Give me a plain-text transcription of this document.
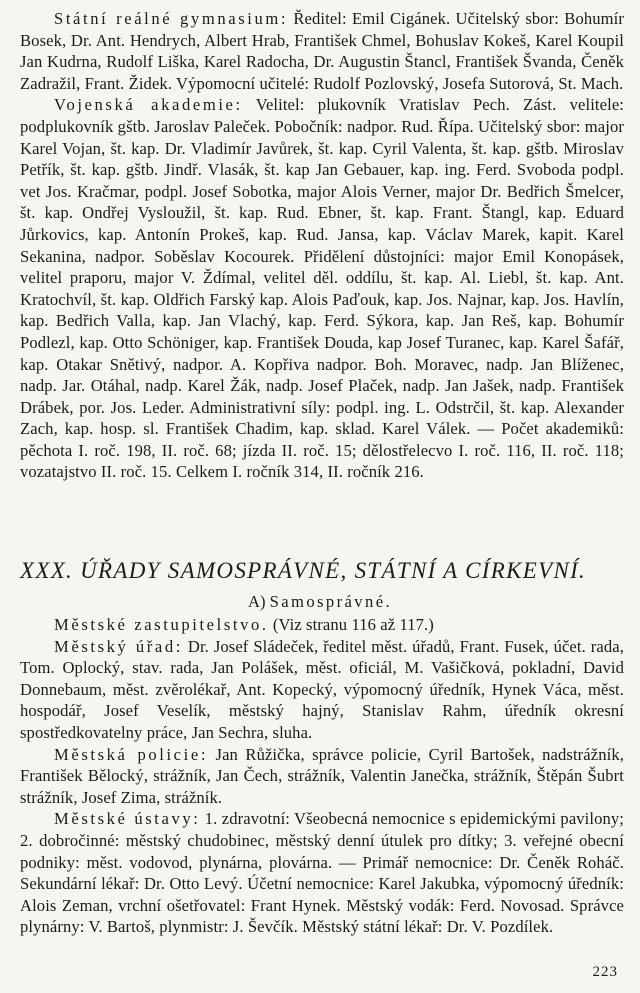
Státní reálné gymnasium: Ředitel: Emil Cigánek. Učitelský sbor: Bohumír Bosek, Dr. Ant. Hendrych, Albert Hrab, František Chmel, Bohuslav Kokeš, Karel Koupil Jan Kudrna, Rudolf Liška, Karel Radocha, Dr. Augustin Štancl, František Švanda, Čeněk Zadražil, Frant. Židek. Výpomocní učitelé: Rudolf Pozlovský, Josefa Sutorová, St. Mach.

Vojenská akademie: Velitel: plukovník Vratislav Pech. Zást. velitele: podplukovník gštb. Jaroslav Paleček. Pobočník: nadpor. Rud. Řípa. Učitelský sbor: major Karel Vojan, št. kap. Dr. Vladimír Javůrek, št. kap. Cyril Valenta, št. kap. gštb. Miroslav Petřík, št. kap. gštb. Jindř. Vlasák, št. kap Jan Gebauer, kap. ing. Ferd. Svoboda podpl. vet Jos. Kračmar, podpl. Josef Sobotka, major Alois Verner, major Dr. Bedřich Šmelcer, št. kap. Ondřej Vysloužil, št. kap. Rud. Ebner, št. kap. Frant. Štangl, kap. Eduard Jůrkovics, kap. Antonín Prokeš, kap. Rud. Jansa, kap. Václav Marek, kapit. Karel Sekanina, nadpor. Soběslav Kocourek. Přidělení důstojníci: major Emil Konopásek, velitel praporu, major V. Ždímal, velitel děl. oddílu, št. kap. Al. Liebl, št. kap. Ant. Kratochvíl, št. kap. Oldřich Farský kap. Alois Paďouk, kap. Jos. Najnar, kap. Jos. Havlín, kap. Bedřich Valla, kap. Jan Vlachý, kap. Ferd. Sýkora, kap. Jan Reš, kap. Bohumír Podlezl, kap. Otto Schöniger, kap. František Douda, kap Josef Turanec, kap. Karel Šafář, kap. Otakar Snětivý, nadpor. A. Kopřiva nadpor. Boh. Moravec, nadp. Jan Blíženec, nadp. Jar. Otáhal, nadp. Karel Žák, nadp. Josef Plaček, nadp. Jan Jašek, nadp. František Drábek, por. Jos. Leder. Administrativní síly: podpl. ing. L. Odstrčil, št. kap. Alexander Zach, kap. hosp. sl. František Chadim, kap. sklad. Karel Válek. — Počet akademiků: pěchota I. roč. 198, II. roč. 68; jízda II. roč. 15; dělostřelecvo I. roč. 116, II. roč. 118; vozatajstvo II. roč. 15. Celkem I. ročník 314, II. ročník 216.

XXX. ÚŘADY SAMOSPRÁVNÉ, STÁTNÍ A CÍRKEVNÍ.

A) Samosprávné.

Městské zastupitelstvo. (Viz stranu 116 až 117.)

Městský úřad: Dr. Josef Sládeček, ředitel měst. úřadů, Frant. Fusek, účet. rada, Tom. Oplocký, stav. rada, Jan Polášek, měst. oficiál, M. Vašičková, pokladní, David Donnebaum, měst. zvěrolékař, Ant. Kopecký, výpomocný úředník, Hynek Váca, měst. hospodář, Josef Veselík, městský hajný, Stanislav Rahm, úředník okresní spostředkovatelny práce, Jan Sechra, sluha.

Městská policie: Jan Růžička, správce policie, Cyril Bartošek, nadstrážník, František Bělocký, strážník, Jan Čech, strážník, Valentin Janečka, strážník, Štěpán Šubrt strážník, Josef Zima, strážník.

Městské ústavy: 1. zdravotní: Všeobecná nemocnice s epidemickými pavilony; 2. dobročinné: městský chudobinec, městský denní útulek pro dítky; 3. veřejné obecní podniky: měst. vodovod, plynárna, plovárna. — Primář nemocnice: Dr. Čeněk Roháč. Sekundární lékař: Dr. Otto Levý. Účetní nemocnice: Karel Jakubka, výpomocný úředník: Alois Zeman, vrchní ošetřovatel: Frant Hynek. Městský vodák: Ferd. Novosad. Správce plynárny: V. Bartoš, plynmistr: J. Ševčík. Městský státní lékař: Dr. V. Pozdílek.

223
